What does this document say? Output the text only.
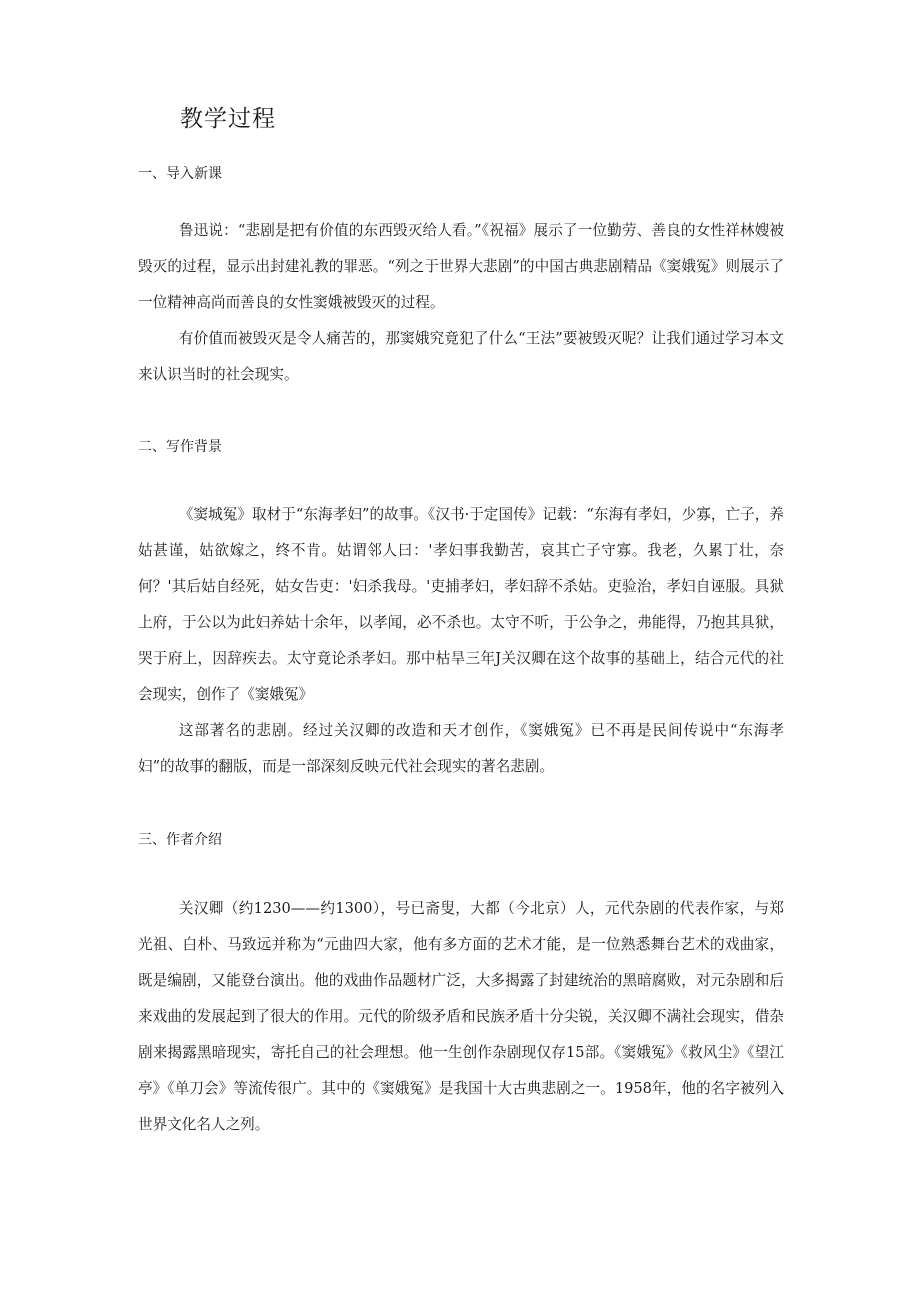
教学过程
一、导入新课

鲁迅说：“悲剧是把有价值的东西毁灭给人看。”《祝福》展示了一位勤劳、善良的女性祥林嫂被毁灭的过程，显示出封建礼教的罪恶。“列之于世界大悲剧”的中国古典悲剧精品《窦娥冤》则展示了一位精神高尚而善良的女性窦娥被毁灭的过程。

有价值而被毁灭是令人痛苦的，那窦娥究竟犯了什么“王法”要被毁灭呢？让我们通过学习本文来认识当时的社会现实。

二、写作背景

《窦城冤》取材于“东海孝妇”的故事。《汉书·于定国传》记载：“东海有孝妇，少寡，亡子，养姑甚谨，姑欲嫁之，终不肯。姑谓邻人曰：'孝妇事我勤苦，哀其亡子守寡。我老，久累丁壮，奈何？'其后姑自经死，姑女告吏：'妇杀我母。'吏捕孝妇，孝妇辞不杀姑。吏验治，孝妇自诬服。具狱上府，于公以为此妇养姑十余年，以孝闻，必不杀也。太守不听，于公争之，弗能得，乃抱其具狱，哭于府上，因辞疾去。太守竟论杀孝妇。那中枯旱三年J关汉卿在这个故事的基础上，结合元代的社会现实，创作了《窦娥冤》

这部著名的悲剧。经过关汉卿的改造和天才创作，《窦娥冤》已不再是民间传说中“东海孝妇”的故事的翻版，而是一部深刻反映元代社会现实的著名悲剧。

三、作者介绍

关汉卿（约1230——约1300），号已斋叟，大都（今北京）人，元代杂剧的代表作家，与郑光祖、白朴、马致远并称为“元曲四大家，他有多方面的艺术才能，是一位熟悉舞台艺术的戏曲家，既是编剧，又能登台演出。他的戏曲作品题材广泛，大多揭露了封建统治的黑暗腐败，对元杂剧和后来戏曲的发展起到了很大的作用。元代的阶级矛盾和民族矛盾十分尖锐，关汉卿不满社会现实，借杂剧来揭露黑暗现实，寄托自己的社会理想。他一生创作杂剧现仅存15部。《窦娥冤》《救风尘》《望江亭》《单刀会》等流传很广。其中的《窦娥冤》是我国十大古典悲剧之一。1958年，他的名字被列入世界文化名人之列。
